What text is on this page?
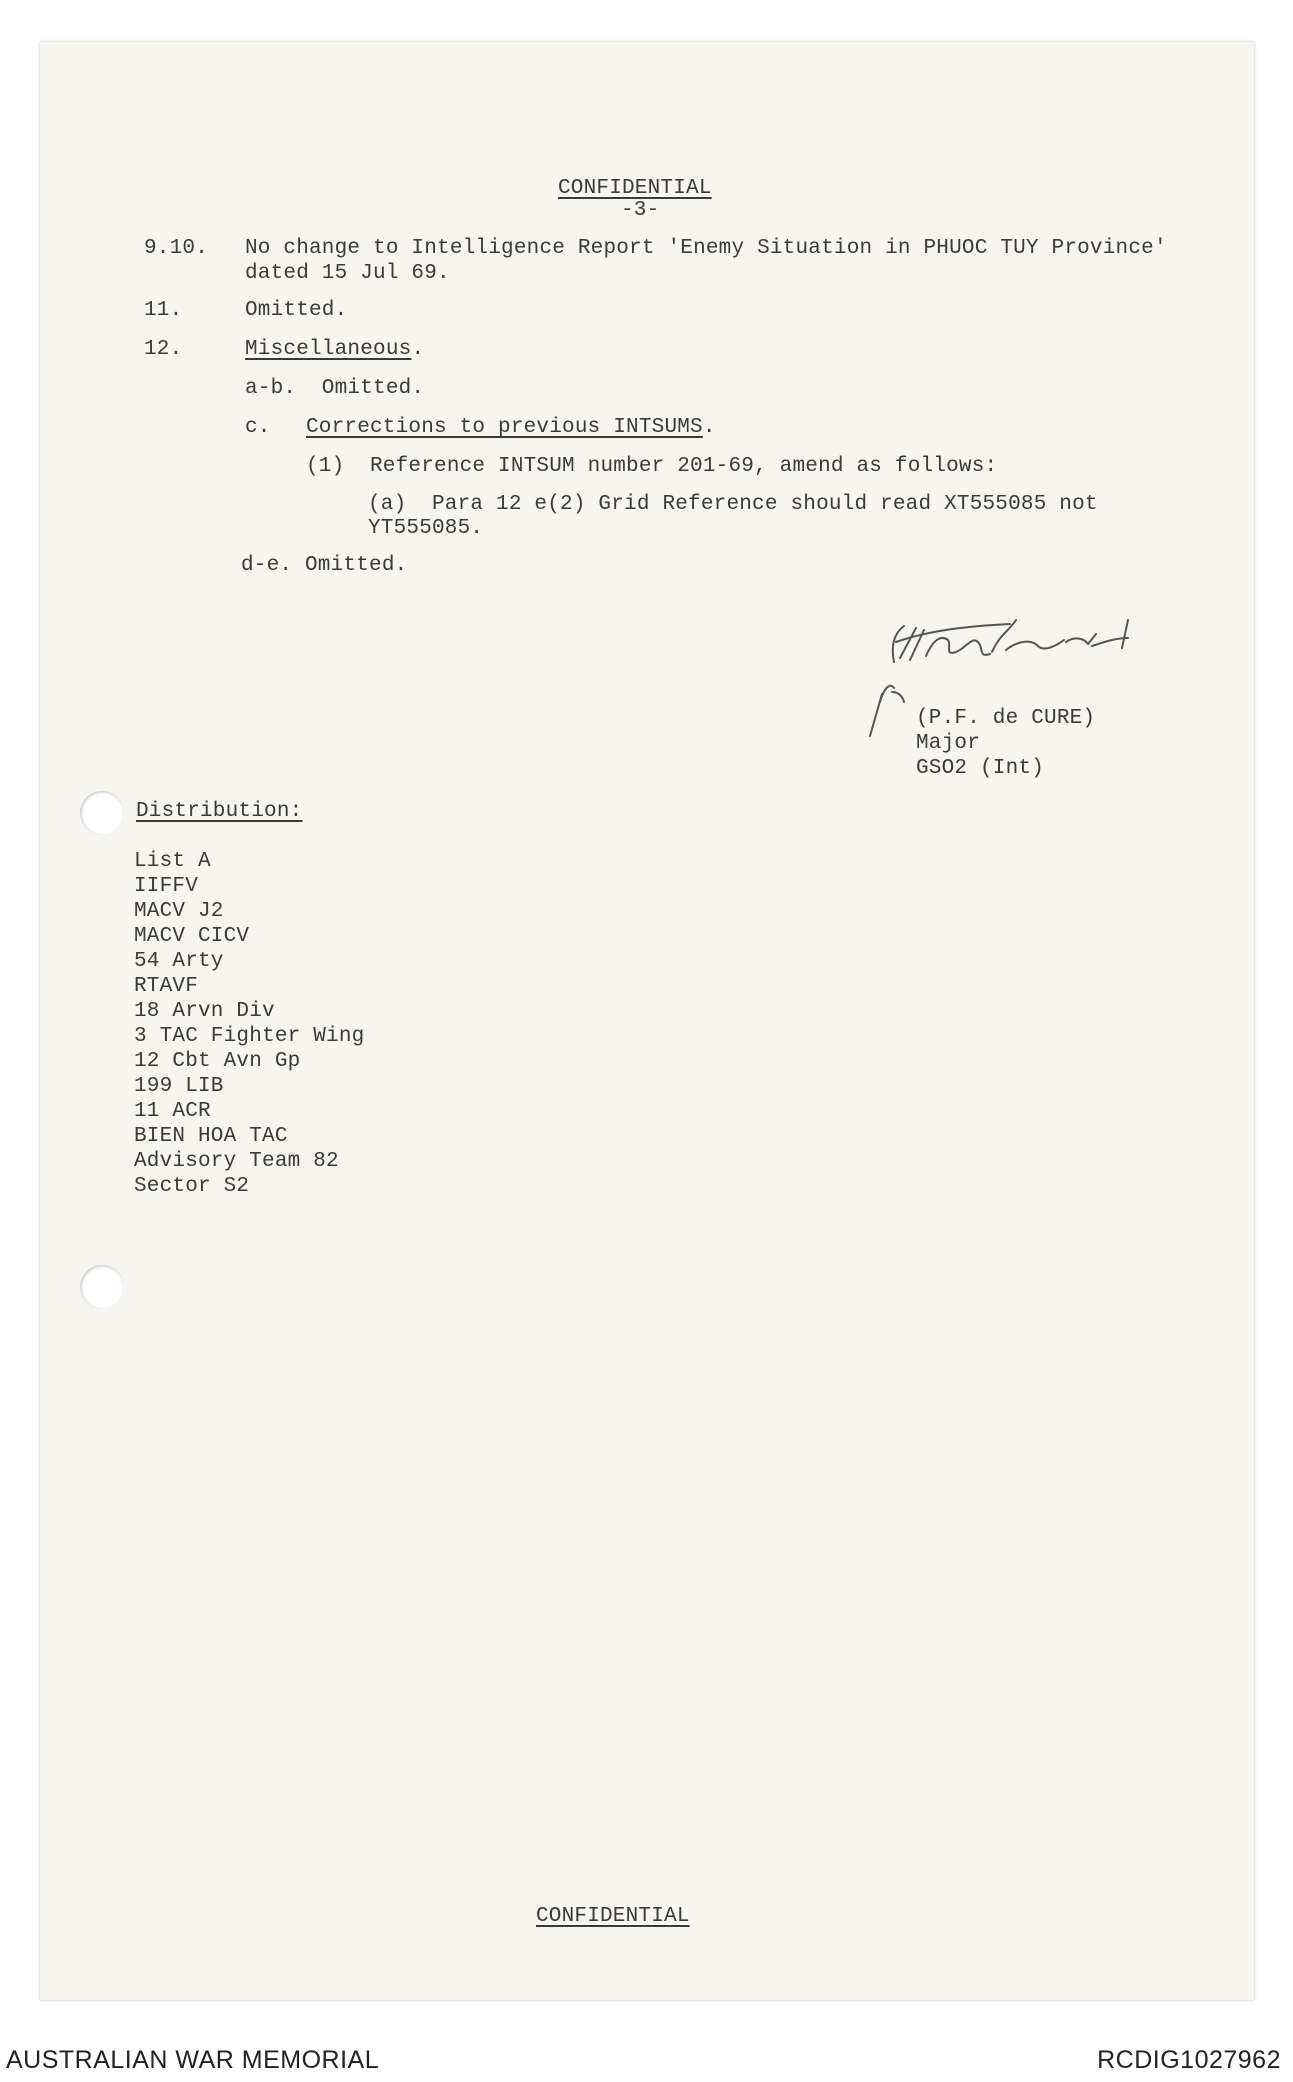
CONFIDENTIAL
-3-
9.10. No change to Intelligence Report 'Enemy Situation in PHUOC TUY Province'
dated 15 Jul 69.
11.	Omitted.
12.	Miscellaneous.
a-b.  Omitted.
c. Corrections to previous INTSUMS.
(1)  Reference INTSUM number 201-69, amend as follows:
(a)  Para 12 e(2) Grid Reference should read XT555085 not
YT555085.
d-e. Omitted.
(P.F. de CURE)
Major
GSO2 (Int)
Distribution:
List A
IIFFV
MACV J2
MACV CICV
54 Arty
RTAVF
18 Arvn Div
3 TAC Fighter Wing
12 Cbt Avn Gp
199 LIB
11 ACR
BIEN HOA TAC
Advisory Team 82
Sector S2
CONFIDENTIAL
AUSTRALIAN WAR MEMORIAL	RCDIG1027962
